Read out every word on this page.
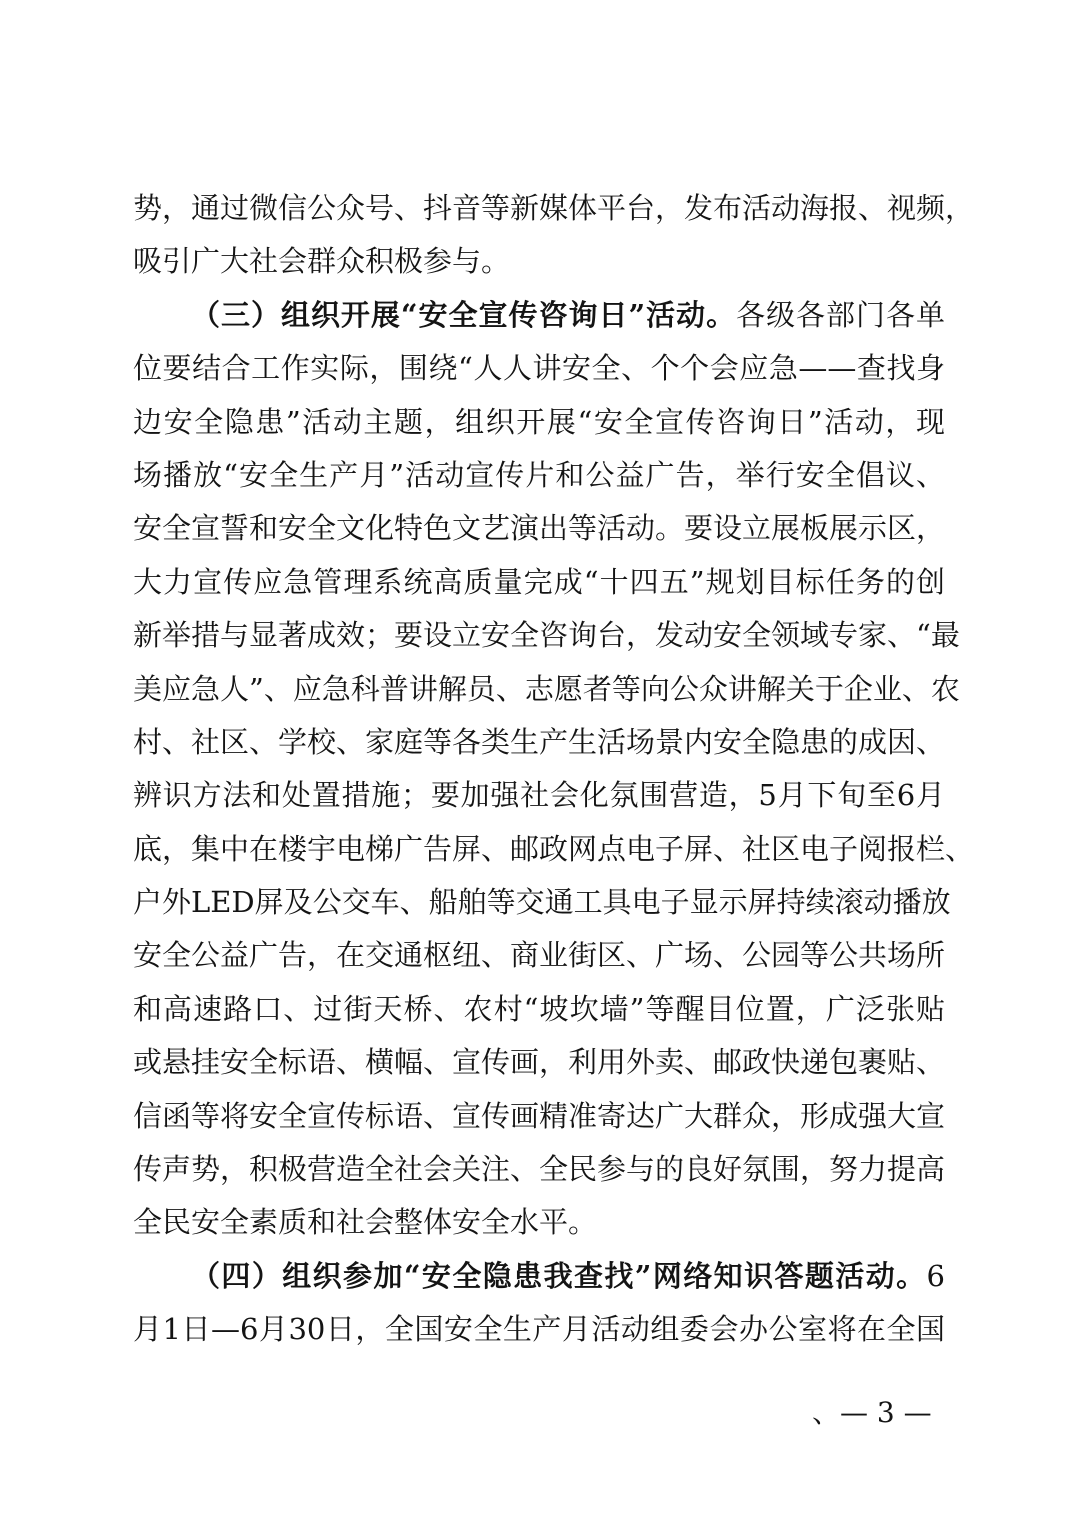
势，通过微信公众号、抖音等新媒体平台，发布活动海报、视频，
吸引广大社会群众积极参与。
（三）组织开展“安全宣传咨询日”活动。各级各部门各单
位要结合工作实际，围绕“人人讲安全、个个会应急——查找身
边安全隐患”活动主题，组织开展“安全宣传咨询日”活动，现
场播放“安全生产月”活动宣传片和公益广告，举行安全倡议、
安全宣誓和安全文化特色文艺演出等活动。要设立展板展示区，
大力宣传应急管理系统高质量完成“十四五”规划目标任务的创
新举措与显著成效；要设立安全咨询台，发动安全领域专家、“最
美应急人”、应急科普讲解员、志愿者等向公众讲解关于企业、农
村、社区、学校、家庭等各类生产生活场景内安全隐患的成因、
辨识方法和处置措施；要加强社会化氛围营造，5月下旬至6月
底，集中在楼宇电梯广告屏、邮政网点电子屏、社区电子阅报栏、
户外LED屏及公交车、船舶等交通工具电子显示屏持续滚动播放
安全公益广告，在交通枢纽、商业街区、广场、公园等公共场所
和高速路口、过街天桥、农村“坡坎墙”等醒目位置，广泛张贴
或悬挂安全标语、横幅、宣传画，利用外卖、邮政快递包裹贴、
信函等将安全宣传标语、宣传画精准寄达广大群众，形成强大宣
传声势，积极营造全社会关注、全民参与的良好氛围，努力提高
全民安全素质和社会整体安全水平。
（四）组织参加“安全隐患我查找”网络知识答题活动。6
月1日—6月30日，全国安全生产月活动组委会办公室将在全国
、— 3 —
